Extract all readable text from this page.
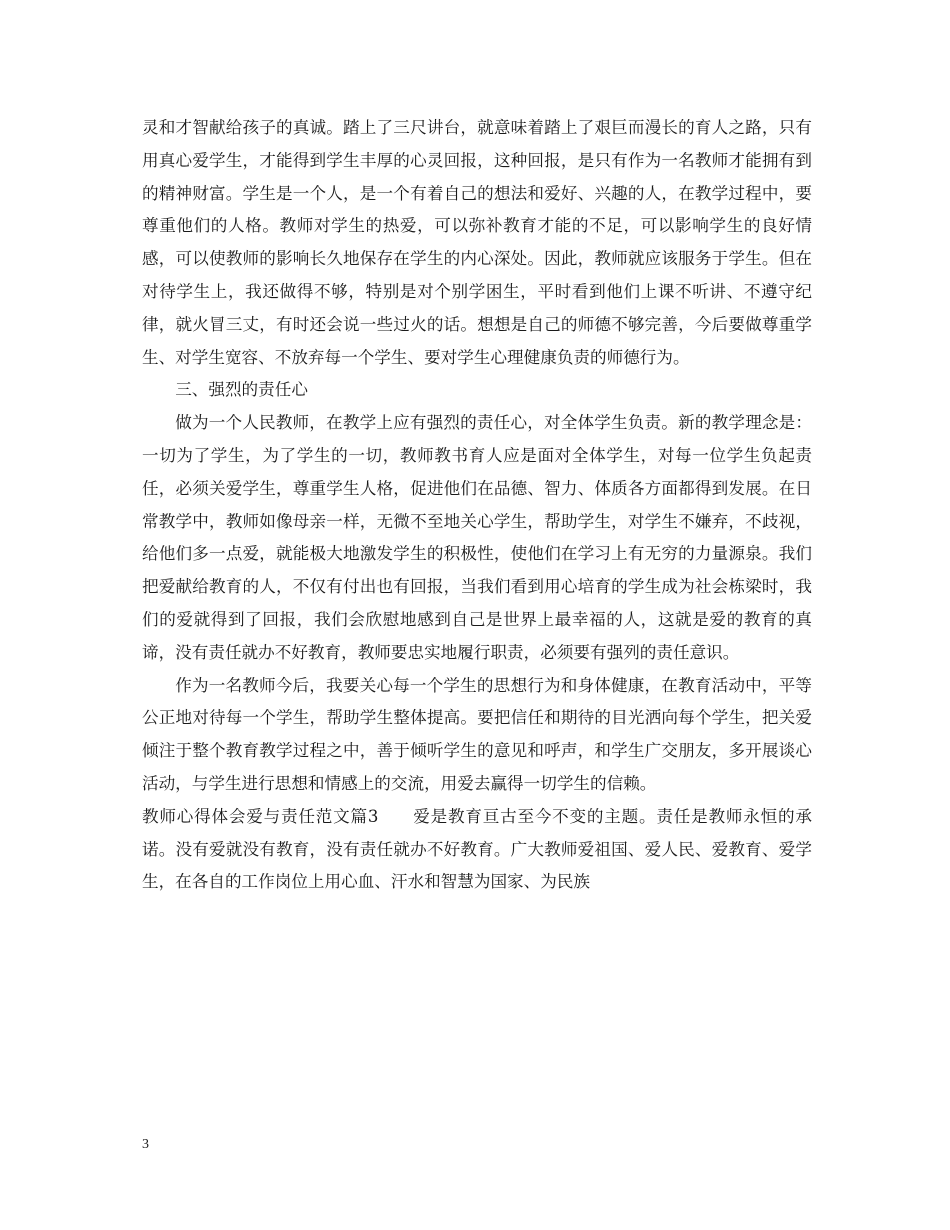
灵和才智献给孩子的真诚。踏上了三尺讲台，就意味着踏上了艰巨而漫长的育人之路，只有用真心爱学生，才能得到学生丰厚的心灵回报，这种回报，是只有作为一名教师才能拥有到的精神财富。学生是一个人，是一个有着自己的想法和爱好、兴趣的人，在教学过程中，要尊重他们的人格。教师对学生的热爱，可以弥补教育才能的不足，可以影响学生的良好情感，可以使教师的影响长久地保存在学生的内心深处。因此，教师就应该服务于学生。但在对待学生上，我还做得不够，特别是对个别学困生，平时看到他们上课不听讲、不遵守纪律，就火冒三丈，有时还会说一些过火的话。想想是自己的师德不够完善，今后要做尊重学生、对学生宽容、不放弃每一个学生、要对学生心理健康负责的师德行为。

三、强烈的责任心

做为一个人民教师，在教学上应有强烈的责任心，对全体学生负责。新的教学理念是：一切为了学生，为了学生的一切，教师教书育人应是面对全体学生，对每一位学生负起责任，必须关爱学生，尊重学生人格，促进他们在品德、智力、体质各方面都得到发展。在日常教学中，教师如像母亲一样，无微不至地关心学生，帮助学生，对学生不嫌弃，不歧视，给他们多一点爱，就能极大地激发学生的积极性，使他们在学习上有无穷的力量源泉。我们把爱献给教育的人，不仅有付出也有回报，当我们看到用心培育的学生成为社会栋梁时，我们的爱就得到了回报，我们会欣慰地感到自己是世界上最幸福的人，这就是爱的教育的真谛，没有责任就办不好教育，教师要忠实地履行职责，必须要有强列的责任意识。

作为一名教师今后，我要关心每一个学生的思想行为和身体健康，在教育活动中，平等公正地对待每一个学生，帮助学生整体提高。要把信任和期待的目光洒向每个学生，把关爱倾注于整个教育教学过程之中，善于倾听学生的意见和呼声，和学生广交朋友，多开展谈心活动，与学生进行思想和情感上的交流，用爱去赢得一切学生的信赖。

教师心得体会爱与责任范文篇3 爱是教育亘古至今不变的主题。责任是教师永恒的承诺。没有爱就没有教育，没有责任就办不好教育。广大教师爱祖国、爱人民、爱教育、爱学生，在各自的工作岗位上用心血、汗水和智慧为国家、为民族

3
